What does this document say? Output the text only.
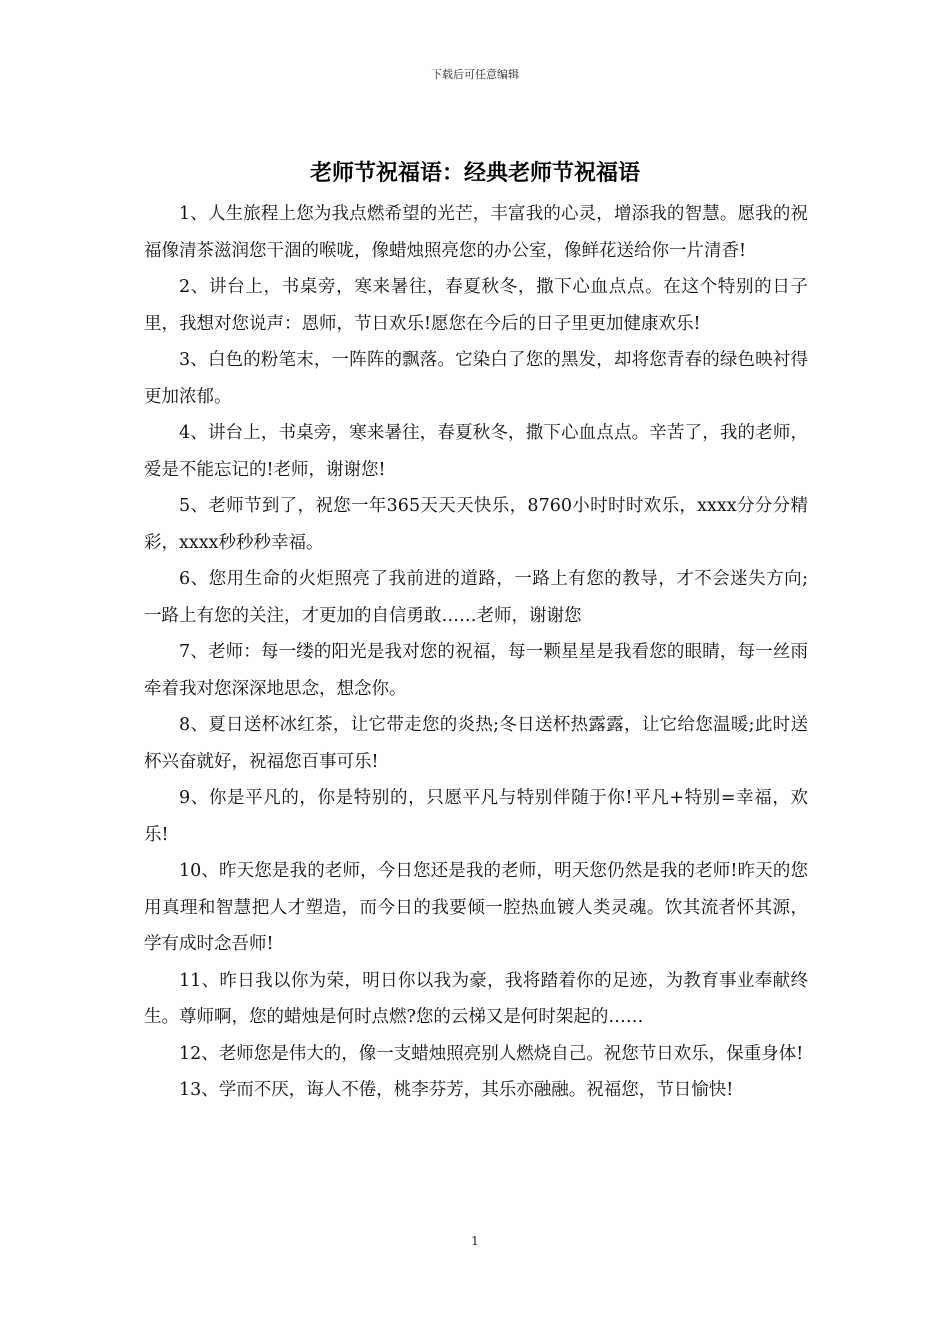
下载后可任意编辑
老师节祝福语：经典老师节祝福语

1、人生旅程上您为我点燃希望的光芒，丰富我的心灵，增添我的智慧。愿我的祝福像清茶滋润您干涸的喉咙，像蜡烛照亮您的办公室，像鲜花送给你一片清香!

2、讲台上，书桌旁，寒来暑往，春夏秋冬，撒下心血点点。在这个特别的日子里，我想对您说声：恩师，节日欢乐!愿您在今后的日子里更加健康欢乐!

3、白色的粉笔末，一阵阵的飘落。它染白了您的黑发，却将您青春的绿色映衬得更加浓郁。

4、讲台上，书桌旁，寒来暑往，春夏秋冬，撒下心血点点。辛苦了，我的老师，爱是不能忘记的!老师，谢谢您!

5、老师节到了，祝您一年365天天天快乐，8760小时时时欢乐，xxxx分分分精彩，xxxx秒秒秒幸福。

6、您用生命的火炬照亮了我前进的道路，一路上有您的教导，才不会迷失方向;一路上有您的关注，才更加的自信勇敢……老师，谢谢您

7、老师：每一缕的阳光是我对您的祝福，每一颗星星是我看您的眼睛，每一丝雨牵着我对您深深地思念，想念你。

8、夏日送杯冰红茶，让它带走您的炎热;冬日送杯热露露，让它给您温暖;此时送杯兴奋就好，祝福您百事可乐!

9、你是平凡的，你是特别的，只愿平凡与特别伴随于你!平凡+特别=幸福，欢乐!

10、昨天您是我的老师，今日您还是我的老师，明天您仍然是我的老师!昨天的您用真理和智慧把人才塑造，而今日的我要倾一腔热血镀人类灵魂。饮其流者怀其源，学有成时念吾师!

11、昨日我以你为荣，明日你以我为豪，我将踏着你的足迹，为教育事业奉献终生。尊师啊，您的蜡烛是何时点燃?您的云梯又是何时架起的……

12、老师您是伟大的，像一支蜡烛照亮别人燃烧自己。祝您节日欢乐，保重身体!

13、学而不厌，诲人不倦，桃李芬芳，其乐亦融融。祝福您，节日愉快!

1
